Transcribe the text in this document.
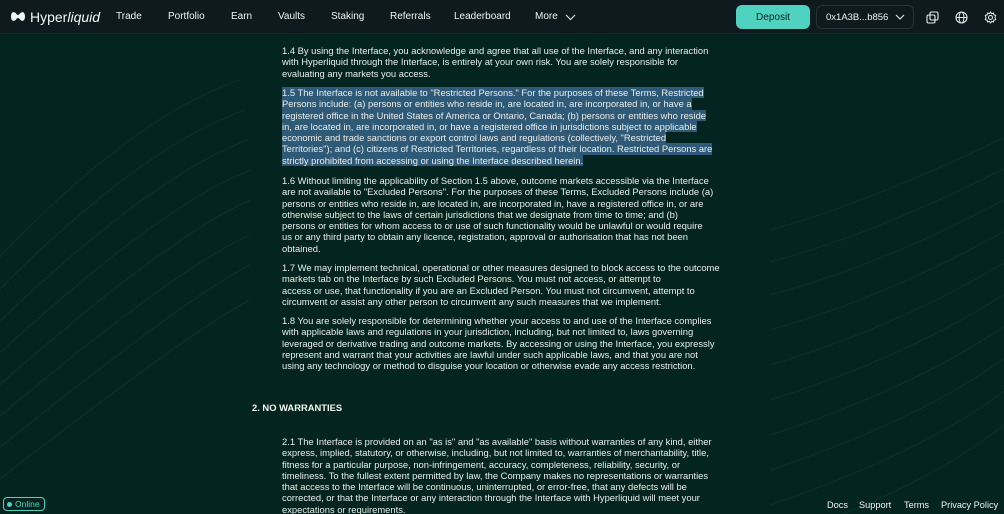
Hyperliquid Trade	Portfolio	Earn	Vaults	Staking	Referrals Leaderboard More	Deposit	0x1A3B...b856
1.4 By using the Interface, you acknowledge and agree that all use of the Interface, and any interaction
with Hyperliquid through the Interface, is entirely at your own risk. You are solely responsible for
evaluating any markets you access.
1.5 The Interface is not available to "Restricted Persons." For the purposes of these Terms, Restricted
Persons include: (a) persons or entities who reside in, are located in, are incorporated in, or have a
registered office in the United States of America or Ontario, Canada; (b) persons or entities who reside
in, are located in, are incorporated in, or have a registered office in jurisdictions subject to applicable
economic and trade sanctions or export control laws and regulations (collectively, "Restricted
Territories"); and (c) citizens of Restricted Territories, regardless of their location. Restricted Persons are
strictly prohibited from accessing or using the Interface described herein.
1.6 Without limiting the applicability of Section 1.5 above, outcome markets accessible via the Interface
are not available to "Excluded Persons". For the purposes of these Terms, Excluded Persons include (a)
persons or entities who reside in, are located in, are incorporated in, have a registered office in, or are
otherwise subject to the laws of certain jurisdictions that we designate from time to time; and (b)
persons or entities for whom access to or use of such functionality would be unlawful or would require
us or any third party to obtain any licence, registration, approval or authorisation that has not been
obtained.
1.7 We may implement technical, operational or other measures designed to block access to the outcome
markets tab on the Interface by such Excluded Persons. You must not access, or attempt to
access or use, that functionality if you are an Excluded Person. You must not circumvent, attempt to
circumvent or assist any other person to circumvent any such measures that we implement.
1.8 You are solely responsible for determining whether your access to and use of the Interface complies
with applicable laws and regulations in your jurisdiction, including, but not limited to, laws governing
leveraged or derivative trading and outcome markets. By accessing or using the Interface, you expressly
represent and warrant that your activities are lawful under such applicable laws, and that you are not
using any technology or method to disguise your location or otherwise evade any access restriction.
2. NO WARRANTIES
2.1 The Interface is provided on an "as is" and "as available" basis without warranties of any kind, either
express, implied, statutory, or otherwise, including, but not limited to, warranties of merchantability, title,
fitness for a particular purpose, non-infringement, accuracy, completeness, reliability, security, or
timeliness. To the fullest extent permitted by law, the Company makes no representations or warranties
that access to the Interface will be continuous, uninterrupted, or error-free, that any defects will be
corrected, or that the Interface or any interaction through the Interface with Hyperliquid will meet your
expectations or requirements.
Online	Docs Support Terms Privacy Policy
